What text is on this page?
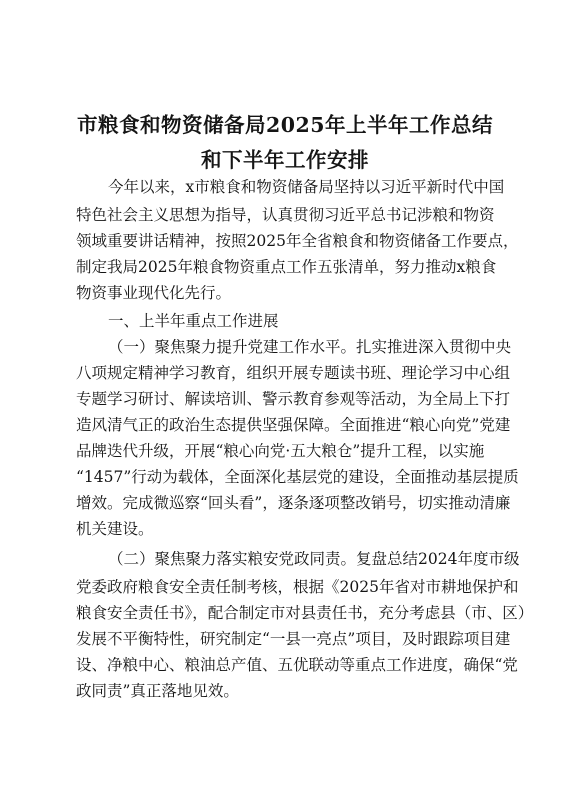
市粮食和物资储备局2025年上半年工作总结
和下半年工作安排

今年以来，x市粮食和物资储备局坚持以习近平新时代中国

特色社会主义思想为指导，认真贯彻习近平总书记涉粮和物资

领域重要讲话精神，按照2025年全省粮食和物资储备工作要点，

制定我局2025年粮食物资重点工作五张清单，努力推动x粮食

物资事业现代化先行。

一、上半年重点工作进展

（一）聚焦聚力提升党建工作水平。扎实推进深入贯彻中央

八项规定精神学习教育，组织开展专题读书班、理论学习中心组

专题学习研讨、解读培训、警示教育参观等活动，为全局上下打

造风清气正的政治生态提供坚强保障。全面推进“粮心向党”党建

品牌迭代升级，开展“粮心向党·五大粮仓”提升工程，以实施

“1457”行动为载体，全面深化基层党的建设，全面推动基层提质

增效。完成微巡察“回头看”，逐条逐项整改销号，切实推动清廉

机关建设。

（二）聚焦聚力落实粮安党政同责。复盘总结2024年度市级

党委政府粮食安全责任制考核，根据《2025年省对市耕地保护和

粮食安全责任书》，配合制定市对县责任书，充分考虑县（市、区）

发展不平衡特性，研究制定“一县一亮点”项目，及时跟踪项目建

设、净粮中心、粮油总产值、五优联动等重点工作进度，确保“党

政同责”真正落地见效。
